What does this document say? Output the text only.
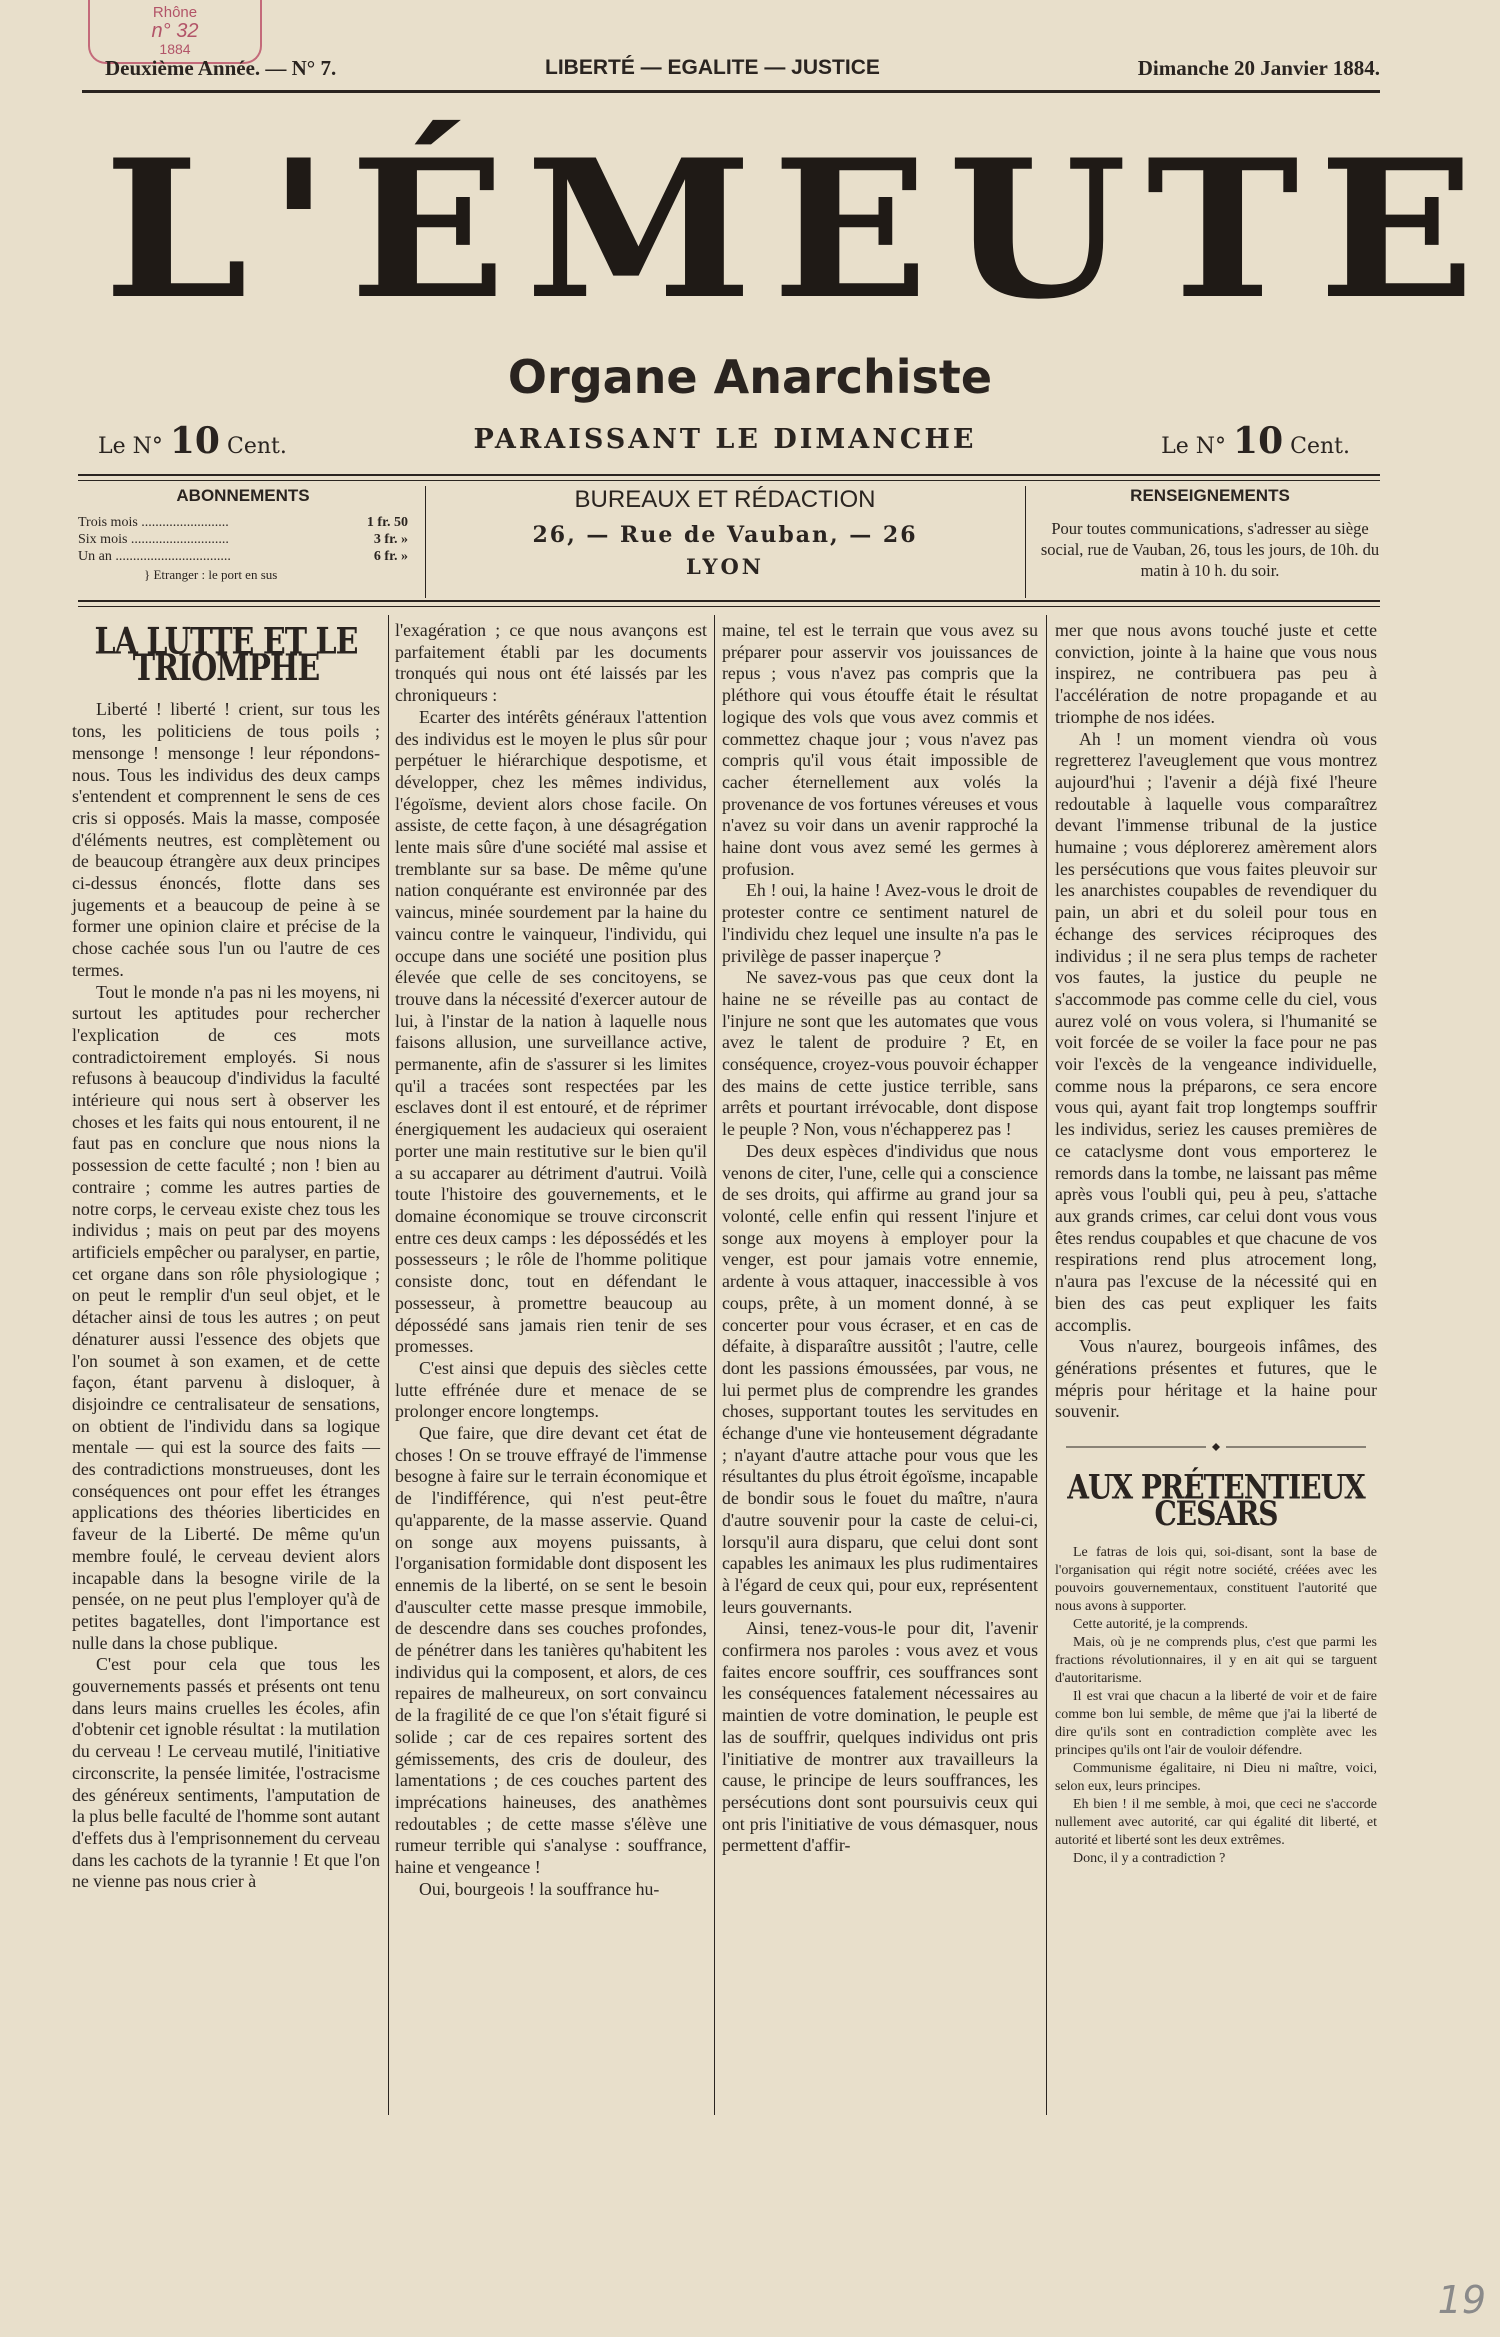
Rhône
n° 32
1884
Deuxième Année. — N° 7.	LIBERTÉ — EGALITE — JUSTICE	Dimanche 20 Janvier 1884.
L'ÉMEUTE
Organe Anarchiste
Le N° 10 Cent.	PARAISSANT LE DIMANCHE	Le N° 10 Cent.
ABONNEMENTS
Trois mois .........................	1 fr. 50
Six mois ............................	3 fr. »
Un an .................................	6 fr. »
} Etranger : le port en sus
BUREAUX ET RÉDACTION
26, — Rue de Vauban, — 26
LYON
RENSEIGNEMENTS
Pour toutes communications, s'adresser au siège social, rue de Vauban, 26, tous les jours, de 10h. du matin à 10 h. du soir.
LA LUTTE ET LE TRIOMPHE

Liberté ! liberté ! crient, sur tous les tons, les politiciens de tous poils ; mensonge ! mensonge ! leur répondons-nous. Tous les individus des deux camps s'entendent et comprennent le sens de ces cris si opposés. Mais la masse, composée d'éléments neutres, est complètement ou de beaucoup étrangère aux deux principes ci-dessus énoncés, flotte dans ses jugements et a beaucoup de peine à se former une opinion claire et précise de la chose cachée sous l'un ou l'autre de ces termes.

Tout le monde n'a pas ni les moyens, ni surtout les aptitudes pour rechercher l'explication de ces mots contradictoirement employés. Si nous refusons à beaucoup d'individus la faculté intérieure qui nous sert à observer les choses et les faits qui nous entourent, il ne faut pas en conclure que nous nions la possession de cette faculté ; non ! bien au contraire ; comme les autres parties de notre corps, le cerveau existe chez tous les individus ; mais on peut par des moyens artificiels empêcher ou paralyser, en partie, cet organe dans son rôle physiologique ; on peut le remplir d'un seul objet, et le détacher ainsi de tous les autres ; on peut dénaturer aussi l'essence des objets que l'on soumet à son examen, et de cette façon, étant parvenu à disloquer, à disjoindre ce centralisateur de sensations, on obtient de l'individu dans sa logique mentale — qui est la source des faits — des contradictions monstrueuses, dont les conséquences ont pour effet les étranges applications des théories liberticides en faveur de la Liberté. De même qu'un membre foulé, le cerveau devient alors incapable dans la besogne virile de la pensée, on ne peut plus l'employer qu'à de petites bagatelles, dont l'importance est nulle dans la chose publique.

C'est pour cela que tous les gouvernements passés et présents ont tenu dans leurs mains cruelles les écoles, afin d'obtenir cet ignoble résultat : la mutilation du cerveau ! Le cerveau mutilé, l'initiative circonscrite, la pensée limitée, l'ostracisme des généreux sentiments, l'amputation de la plus belle faculté de l'homme sont autant d'effets dus à l'emprisonnement du cerveau dans les cachots de la tyrannie ! Et que l'on ne vienne pas nous crier à

l'exagération ; ce que nous avançons est parfaitement établi par les documents tronqués qui nous ont été laissés par les chroniqueurs :

Ecarter des intérêts généraux l'attention des individus est le moyen le plus sûr pour perpétuer le hiérarchique despotisme, et développer, chez les mêmes individus, l'égoïsme, devient alors chose facile. On assiste, de cette façon, à une désagrégation lente mais sûre d'une société mal assise et tremblante sur sa base. De même qu'une nation conquérante est environnée par des vaincus, minée sourdement par la haine du vaincu contre le vainqueur, l'individu, qui occupe dans une société une position plus élevée que celle de ses concitoyens, se trouve dans la nécessité d'exercer autour de lui, à l'instar de la nation à laquelle nous faisons allusion, une surveillance active, permanente, afin de s'assurer si les limites qu'il a tracées sont respectées par les esclaves dont il est entouré, et de réprimer énergiquement les audacieux qui oseraient porter une main restitutive sur le bien qu'il a su accaparer au détriment d'autrui. Voilà toute l'histoire des gouvernements, et le domaine économique se trouve circonscrit entre ces deux camps : les dépossédés et les possesseurs ; le rôle de l'homme politique consiste donc, tout en défendant le possesseur, à promettre beaucoup au dépossédé sans jamais rien tenir de ses promesses.

C'est ainsi que depuis des siècles cette lutte effrénée dure et menace de se prolonger encore longtemps.

Que faire, que dire devant cet état de choses ! On se trouve effrayé de l'immense besogne à faire sur le terrain économique et de l'indifférence, qui n'est peut-être qu'apparente, de la masse asservie. Quand on songe aux moyens puissants, à l'organisation formidable dont disposent les ennemis de la liberté, on se sent le besoin d'ausculter cette masse presque immobile, de descendre dans ses couches profondes, de pénétrer dans les tanières qu'habitent les individus qui la composent, et alors, de ces repaires de malheureux, on sort convaincu de la fragilité de ce que l'on s'était figuré si solide ; car de ces repaires sortent des gémissements, des cris de douleur, des lamentations ; de ces couches partent des imprécations haineuses, des anathèmes redoutables ; de cette masse s'élève une rumeur terrible qui s'analyse : souffrance, haine et vengeance !

Oui, bourgeois ! la souffrance hu-

maine, tel est le terrain que vous avez su préparer pour asservir vos jouissances de repus ; vous n'avez pas compris que la pléthore qui vous étouffe était le résultat logique des vols que vous avez commis et commettez chaque jour ; vous n'avez pas compris qu'il vous était impossible de cacher éternellement aux volés la provenance de vos fortunes véreuses et vous n'avez su voir dans un avenir rapproché la haine dont vous avez semé les germes à profusion.

Eh ! oui, la haine ! Avez-vous le droit de protester contre ce sentiment naturel de l'individu chez lequel une insulte n'a pas le privilège de passer inaperçue ?

Ne savez-vous pas que ceux dont la haine ne se réveille pas au contact de l'injure ne sont que les automates que vous avez le talent de produire ? Et, en conséquence, croyez-vous pouvoir échapper des mains de cette justice terrible, sans arrêts et pourtant irrévocable, dont dispose le peuple ? Non, vous n'échapperez pas !

Des deux espèces d'individus que nous venons de citer, l'une, celle qui a conscience de ses droits, qui affirme au grand jour sa volonté, celle enfin qui ressent l'injure et songe aux moyens à employer pour la venger, est pour jamais votre ennemie, ardente à vous attaquer, inaccessible à vos coups, prête, à un moment donné, à se concerter pour vous écraser, et en cas de défaite, à disparaître aussitôt ; l'autre, celle dont les passions émoussées, par vous, ne lui permet plus de comprendre les grandes choses, supportant toutes les servitudes en échange d'une vie honteusement dégradante ; n'ayant d'autre attache pour vous que les résultantes du plus étroit égoïsme, incapable de bondir sous le fouet du maître, n'aura d'autre souvenir pour la caste de celui-ci, lorsqu'il aura disparu, que celui dont sont capables les animaux les plus rudimentaires à l'égard de ceux qui, pour eux, représentent leurs gouvernants.

Ainsi, tenez-vous-le pour dit, l'avenir confirmera nos paroles : vous avez et vous faites encore souffrir, ces souffrances sont les conséquences fatalement nécessaires au maintien de votre domination, le peuple est las de souffrir, quelques individus ont pris l'initiative de montrer aux travailleurs la cause, le principe de leurs souffrances, les persécutions dont sont poursuivis ceux qui ont pris l'initiative de vous démasquer, nous permettent d'affir-

mer que nous avons touché juste et cette conviction, jointe à la haine que vous nous inspirez, ne contribuera pas peu à l'accélération de notre propagande et au triomphe de nos idées.

Ah ! un moment viendra où vous regretterez l'aveuglement que vous montrez aujourd'hui ; l'avenir a déjà fixé l'heure redoutable à laquelle vous comparaîtrez devant l'immense tribunal de la justice humaine ; vous déplorerez amèrement alors les persécutions que vous faites pleuvoir sur les anarchistes coupables de revendiquer du pain, un abri et du soleil pour tous en échange des services réciproques des individus ; il ne sera plus temps de racheter vos fautes, la justice du peuple ne s'accommode pas comme celle du ciel, vous aurez volé on vous volera, si l'humanité se voit forcée de se voiler la face pour ne pas voir l'excès de la vengeance individuelle, comme nous la préparons, ce sera encore vous qui, ayant fait trop longtemps souffrir les individus, seriez les causes premières de ce cataclysme dont vous emporterez le remords dans la tombe, ne laissant pas même après vous l'oubli qui, peu à peu, s'attache aux grands crimes, car celui dont vous vous êtes rendus coupables et que chacune de vos respirations rend plus atrocement long, n'aura pas l'excuse de la nécessité qui en bien des cas peut expliquer les faits accomplis.

Vous n'aurez, bourgeois infâmes, des générations présentes et futures, que le mépris pour héritage et la haine pour souvenir.

AUX PRÉTENTIEUX CÉSARS

Le fatras de lois qui, soi-disant, sont la base de l'organisation qui régit notre société, créées avec les pouvoirs gouvernementaux, constituent l'autorité que nous avons à supporter.

Cette autorité, je la comprends.

Mais, où je ne comprends plus, c'est que parmi les fractions révolutionnaires, il y en ait qui se targuent d'autoritarisme.

Il est vrai que chacun a la liberté de voir et de faire comme bon lui semble, de même que j'ai la liberté de dire qu'ils sont en contradiction complète avec les principes qu'ils ont l'air de vouloir défendre.

Communisme égalitaire, ni Dieu ni maître, voici, selon eux, leurs principes.

Eh bien ! il me semble, à moi, que ceci ne s'accorde nullement avec autorité, car qui égalité dit liberté, et autorité et liberté sont les deux extrêmes.

Donc, il y a contradiction ?

19
